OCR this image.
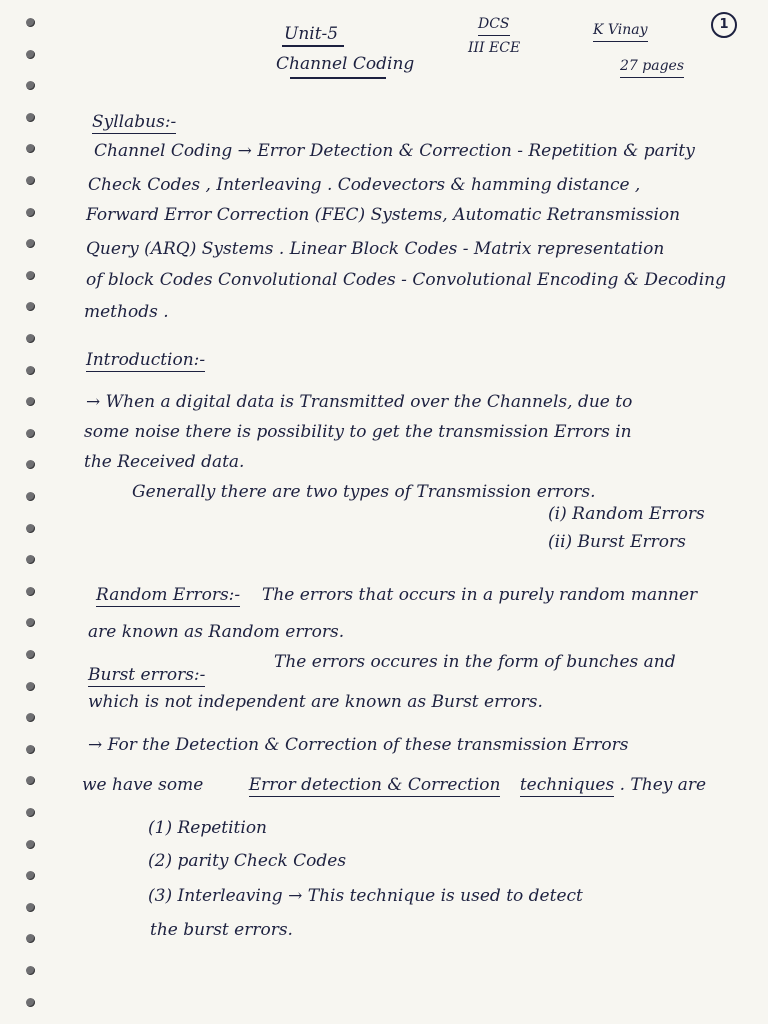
Unit-5
Channel Coding
DCS
III ECE
K Vinay
27 pages
1
Syllabus:-
Channel Coding → Error Detection & Correction - Repetition & parity
Check Codes , Interleaving . Codevectors & hamming distance ,
Forward Error Correction (FEC) Systems, Automatic Retransmission
Query (ARQ) Systems . Linear Block Codes - Matrix representation
of block Codes Convolutional Codes - Convolutional Encoding & Decoding
methods .
Introduction:-
→ When a digital data is Transmitted over the Channels, due to
some noise there is possibility to get the transmission Errors in
the Received data.
Generally there are two types of Transmission errors.
(i) Random Errors
(ii) Burst Errors
Random Errors:- The errors that occurs in a purely random manner
are known as Random errors.
Burst errors:-
The errors occures in the form of bunches and
which is not independent are known as Burst errors.
→ For the Detection & Correction of these transmission Errors
we have some	Error detection & Correction techniques . They are
(1) Repetition
(2) parity Check Codes
(3) Interleaving → This technique is used to detect
the burst errors.
